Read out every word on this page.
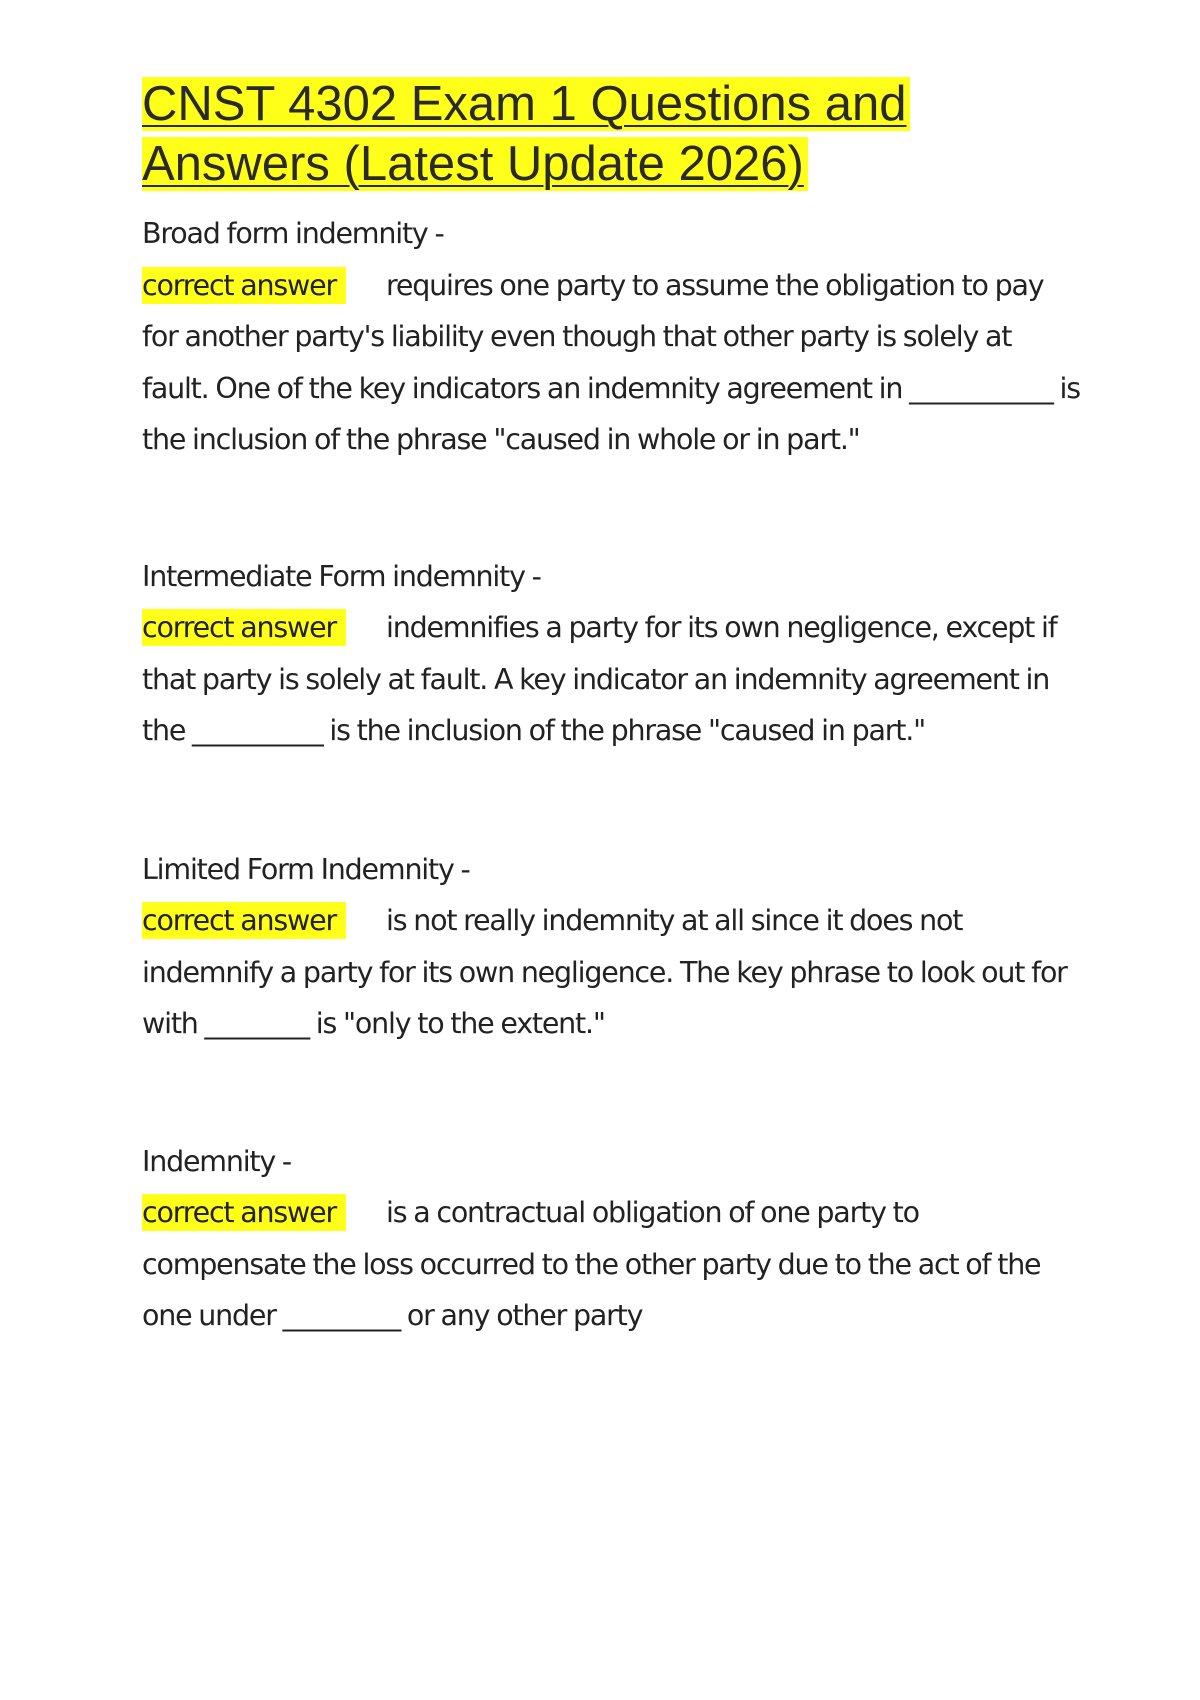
CNST 4302 Exam 1 Questions and
Answers (Latest Update 2026)
Broad form indemnity -
correct answer requires one party to assume the obligation to pay for another party's liability even though that other party is solely at fault. One of the key indicators an indemnity agreement in ___________ is the inclusion of the phrase "caused in whole or in part."
Intermediate Form indemnity -
correct answer indemnifies a party for its own negligence, except if that party is solely at fault. A key indicator an indemnity agreement in the __________ is the inclusion of the phrase "caused in part."
Limited Form Indemnity -
correct answer is not really indemnity at all since it does not indemnify a party for its own negligence. The key phrase to look out for with ________ is "only to the extent."
Indemnity -
correct answer is a contractual obligation of one party to compensate the loss occurred to the other party due to the act of the one under _________ or any other party
